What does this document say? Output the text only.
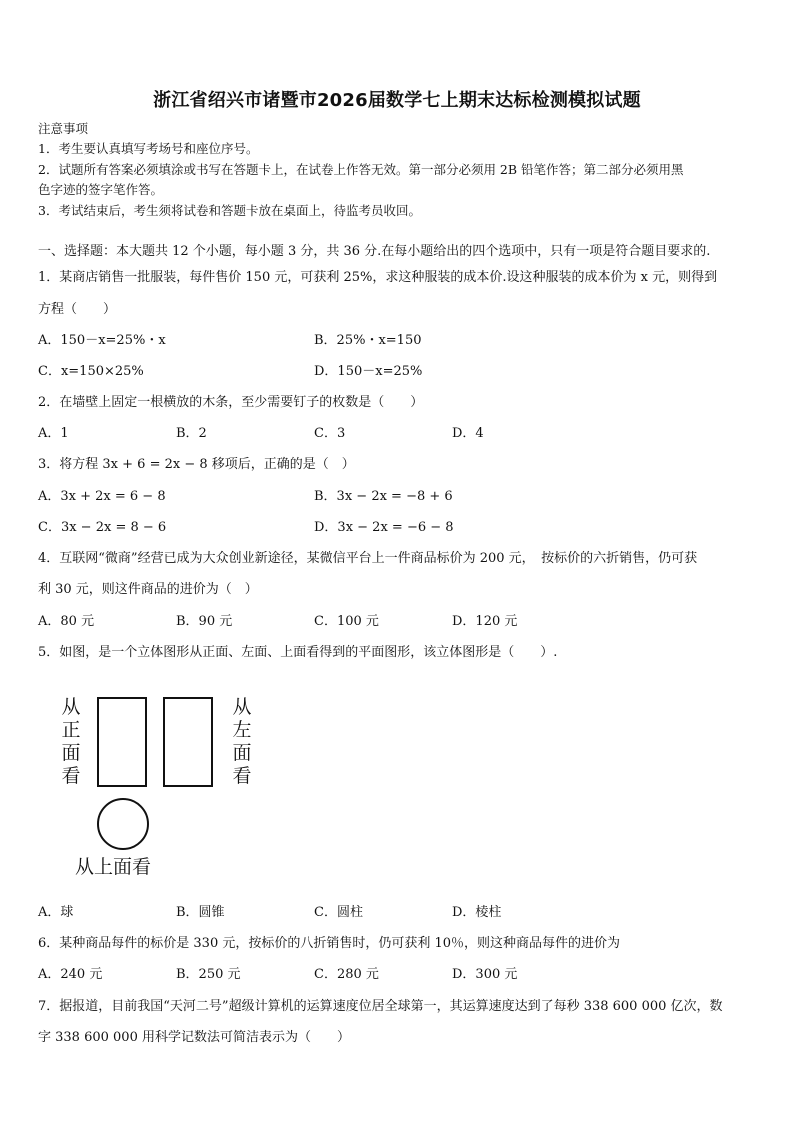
浙江省绍兴市诸暨市2026届数学七上期末达标检测模拟试题
注意事项
1．考生要认真填写考场号和座位序号。
2．试题所有答案必须填涂或书写在答题卡上，在试卷上作答无效。第一部分必须用 2B 铅笔作答；第二部分必须用黑
色字迹的签字笔作答。
3．考试结束后，考生须将试卷和答题卡放在桌面上，待监考员收回。
一、选择题：本大题共 12 个小题，每小题 3 分，共 36 分.在每小题给出的四个选项中，只有一项是符合题目要求的.
1．某商店销售一批服装，每件售价 150 元，可获利 25%，求这种服装的成本价.设这种服装的成本价为 x 元，则得到
方程（　　）
A．150－x=25%・x	B．25%・x=150
C．x=150×25%	D．150－x=25%
2．在墙壁上固定一根横放的木条，至少需要钉子的枚数是（　　）
A．1	B．2	C．3	D．4
3．将方程 3x + 6 = 2x − 8 移项后，正确的是（　）
A．3x + 2x = 6 − 8	B．3x − 2x = −8 + 6
C．3x − 2x = 8 − 6	D．3x − 2x = −6 − 8
4．互联网“微商”经营已成为大众创业新途径，某微信平台上一件商品标价为 200 元，　按标价的六折销售，仍可获
利 30 元，则这件商品的进价为（　）
A．80 元	B．90 元	C．100 元	D．120 元
5．如图，是一个立体图形从正面、左面、上面看得到的平面图形，该立体图形是（　　）.
从正面看
从左面看
从上面看
A．球	B．圆锥	C．圆柱	D．棱柱
6．某种商品每件的标价是 330 元，按标价的八折销售时，仍可获利 10％，则这种商品每件的进价为
A．240 元	B．250 元	C．280 元	D．300 元
7．据报道，目前我国“天河二号”超级计算机的运算速度位居全球第一，其运算速度达到了每秒 338 600 000 亿次，数
字 338 600 000 用科学记数法可简洁表示为（　　）
